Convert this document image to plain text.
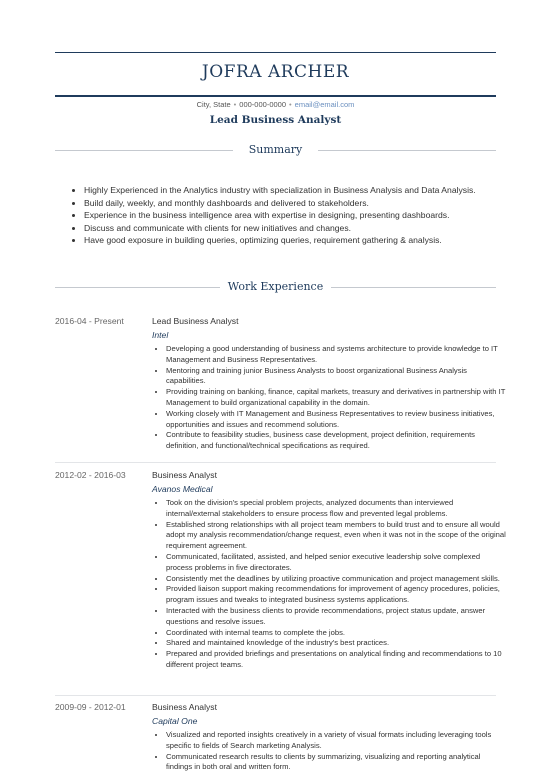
JOFRA ARCHER
City, State • 000-000-0000 • email@email.com
Lead Business Analyst
Summary
• Highly Experienced in the Analytics industry with specialization in Business Analysis and Data Analysis.
• Build daily, weekly, and monthly dashboards and delivered to stakeholders.
• Experience in the business intelligence area with expertise in designing, presenting dashboards.
• Discuss and communicate with clients for new initiatives and changes.
• Have good exposure in building queries, optimizing queries, requirement gathering & analysis.
Work Experience
2016-04 - Present	Lead Business Analyst
Intel
• Developing a good understanding of business and systems architecture to provide knowledge to IT Management and Business Representatives.
• Mentoring and training junior Business Analysts to boost organizational Business Analysis capabilities.
• Providing training on banking, finance, capital markets, treasury and derivatives in partnership with IT Management to build organizational capability in the domain.
• Working closely with IT Management and Business Representatives to review business initiatives, opportunities and issues and recommend solutions.
• Contribute to feasibility studies, business case development, project definition, requirements definition, and functional/technical specifications as required.
2012-02 - 2016-03	Business Analyst
Avanos Medical
• Took on the division's special problem projects, analyzed documents than interviewed internal/external stakeholders to ensure process flow and prevented legal problems.
• Established strong relationships with all project team members to build trust and to ensure all would adopt my analysis recommendation/change request, even when it was not in the scope of the original requirement agreement.
• Communicated, facilitated, assisted, and helped senior executive leadership solve complexed process problems in five directorates.
• Consistently met the deadlines by utilizing proactive communication and project management skills.
• Provided liaison support making recommendations for improvement of agency procedures, policies, program issues and tweaks to integrated business systems applications.
• Interacted with the business clients to provide recommendations, project status update, answer questions and resolve issues.
• Coordinated with internal teams to complete the jobs.
• Shared and maintained knowledge of the industry's best practices.
• Prepared and provided briefings and presentations on analytical finding and recommendations to 10 different project teams.
2009-09 - 2012-01	Business Analyst
Capital One
• Visualized and reported insights creatively in a variety of visual formats including leveraging tools specific to fields of Search marketing Analysis.
• Communicated research results to clients by summarizing, visualizing and reporting analytical findings in both oral and written form.
